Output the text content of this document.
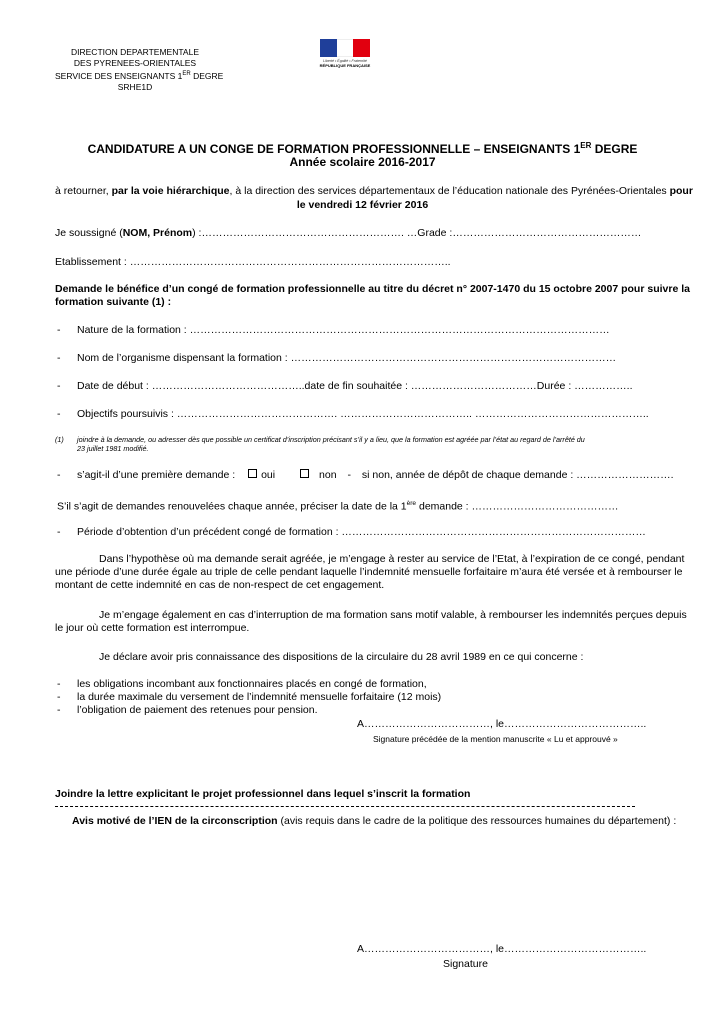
DIRECTION DEPARTEMENTALE
DES PYRENEES-ORIENTALES
SERVICE DES ENSEIGNANTS 1ER DEGRE
SRHE1D
Liberté • Égalité • Fraternité
RÉPUBLIQUE FRANÇAISE
CANDIDATURE A UN CONGE DE FORMATION PROFESSIONNELLE – ENSEIGNANTS 1ER DEGRE
Année scolaire 2016-2017
à retourner, par la voie hiérarchique, à la direction des services départementaux de l’éducation nationale des Pyrénées-Orientales pour
le vendredi 12 février 2016
Je soussigné (NOM, Prénom) :…………………………………………………. …Grade :………………………………………………
Etablissement : ………………………………………………………………………………..
Demande le bénéfice d’un congé de formation professionnelle au titre du décret n° 2007-1470 du 15 octobre 2007 pour suivre la
formation suivante (1) :
- Nature de la formation : …………………………………………………………………………………………………………
- Nom de l’organisme dispensant la formation : …………………………………………………………………………………
- Date de début : ……………………………………..date de fin souhaitée : ………………………………Durée : ……………..
- Objectifs poursuivis : ………………………………………. ……………………………….. …………………………………………..
(1) joindre à la demande, ou adresser dès que possible un certificat d’inscription précisant s’il y a lieu, que la formation est agréée par l’état au regard de l’arrêté du
23 juillet 1981 modifié.
- s’agit-il d’une première demande : oui	non - si non, année de dépôt de chaque demande : ……………………….
S’il s’agit de demandes renouvelées chaque année, préciser la date de la 1ère demande : ……………………………………
- Période d’obtention d’un précédent congé de formation : ……………………………………………………………………………
Dans l’hypothèse où ma demande serait agréée, je m’engage à rester au service de l’Etat, à l’expiration de ce congé, pendant
une période d’une durée égale au triple de celle pendant laquelle l’indemnité mensuelle forfaitaire m’aura été versée et à rembourser le
montant de cette indemnité en cas de non-respect de cet engagement.
Je m’engage également en cas d’interruption de ma formation sans motif valable, à rembourser les indemnités perçues depuis
le jour où cette formation est interrompue.
Je déclare avoir pris connaissance des dispositions de la circulaire du 28 avril 1989 en ce qui concerne :
- les obligations incombant aux fonctionnaires placés en congé de formation,
- la durée maximale du versement de l’indemnité mensuelle forfaitaire (12 mois)
- l’obligation de paiement des retenues pour pension.
A………………………………, le…………………………………..
Signature précédée de la mention manuscrite « Lu et approuvé »
Joindre la lettre explicitant le projet professionnel dans lequel s’inscrit la formation
Avis motivé de l’IEN de la circonscription (avis requis dans le cadre de la politique des ressources humaines du département) :
A………………………………, le…………………………………..
Signature
